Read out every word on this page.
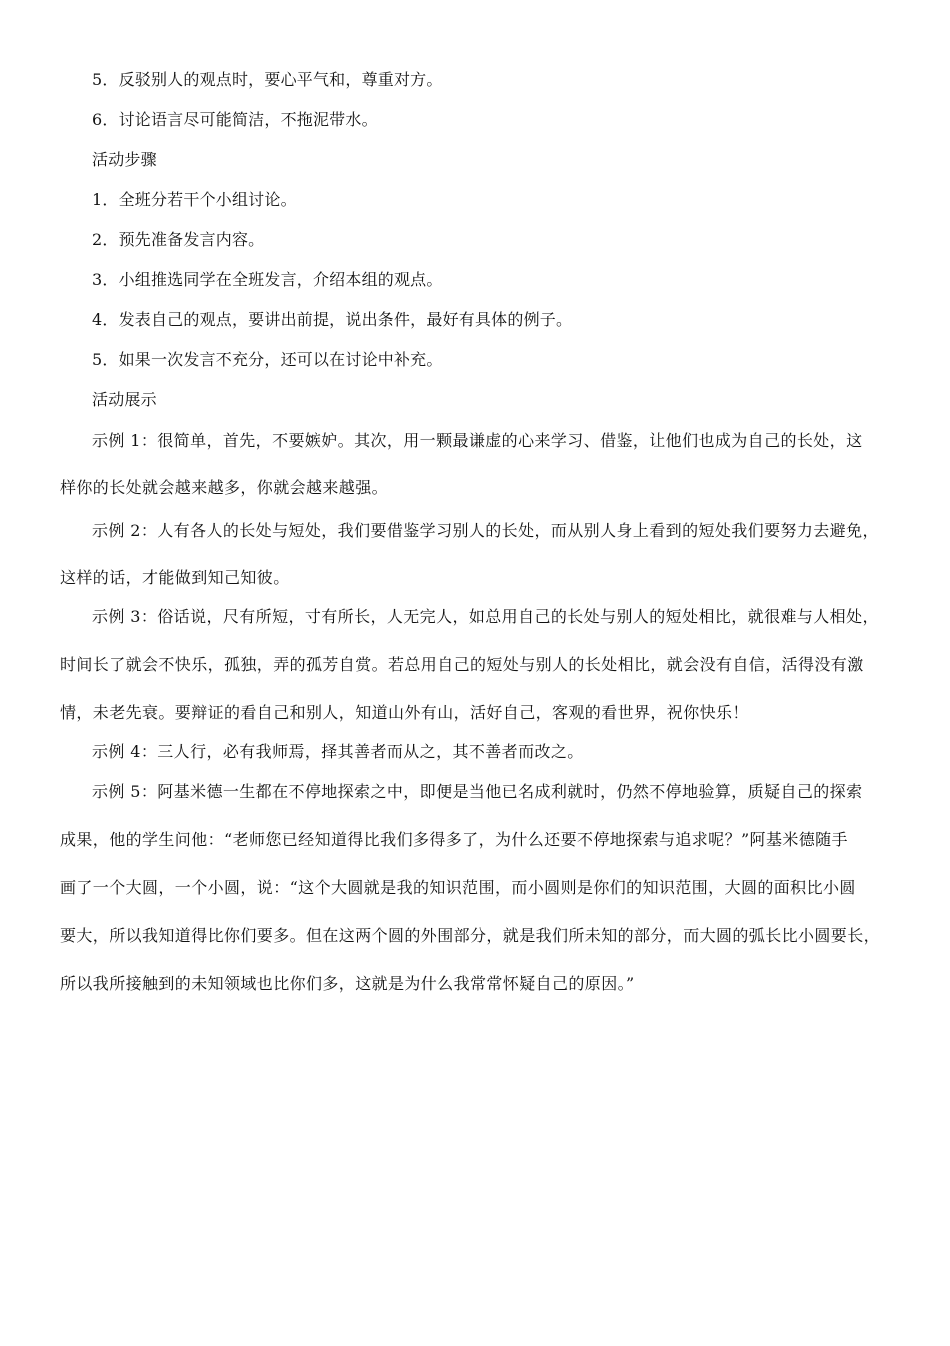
5．反驳别人的观点时，要心平气和，尊重对方。
6．讨论语言尽可能简洁，不拖泥带水。
活动步骤
1．全班分若干个小组讨论。
2．预先准备发言内容。
3．小组推选同学在全班发言，介绍本组的观点。
4．发表自己的观点，要讲出前提，说出条件，最好有具体的例子。
5．如果一次发言不充分，还可以在讨论中补充。
活动展示
示例 1：很简单，首先，不要嫉妒。其次，用一颗最谦虚的心来学习、借鉴，让他们也成为自己的长处，这
样你的长处就会越来越多，你就会越来越强。
示例 2：人有各人的长处与短处，我们要借鉴学习别人的长处，而从别人身上看到的短处我们要努力去避免，
这样的话，才能做到知己知彼。
示例 3：俗话说，尺有所短，寸有所长，人无完人，如总用自己的长处与别人的短处相比，就很难与人相处，
时间长了就会不快乐，孤独，弄的孤芳自赏。若总用自己的短处与别人的长处相比，就会没有自信，活得没有激
情，未老先衰。要辩证的看自己和别人，知道山外有山，活好自己，客观的看世界，祝你快乐！
示例 4：三人行，必有我师焉，择其善者而从之，其不善者而改之。
示例 5：阿基米德一生都在不停地探索之中，即便是当他已名成利就时，仍然不停地验算，质疑自己的探索
成果，他的学生问他：“老师您已经知道得比我们多得多了，为什么还要不停地探索与追求呢？”阿基米德随手
画了一个大圆，一个小圆，说：“这个大圆就是我的知识范围，而小圆则是你们的知识范围，大圆的面积比小圆
要大，所以我知道得比你们要多。但在这两个圆的外围部分，就是我们所未知的部分，而大圆的弧长比小圆要长，
所以我所接触到的未知领域也比你们多，这就是为什么我常常怀疑自己的原因。”
